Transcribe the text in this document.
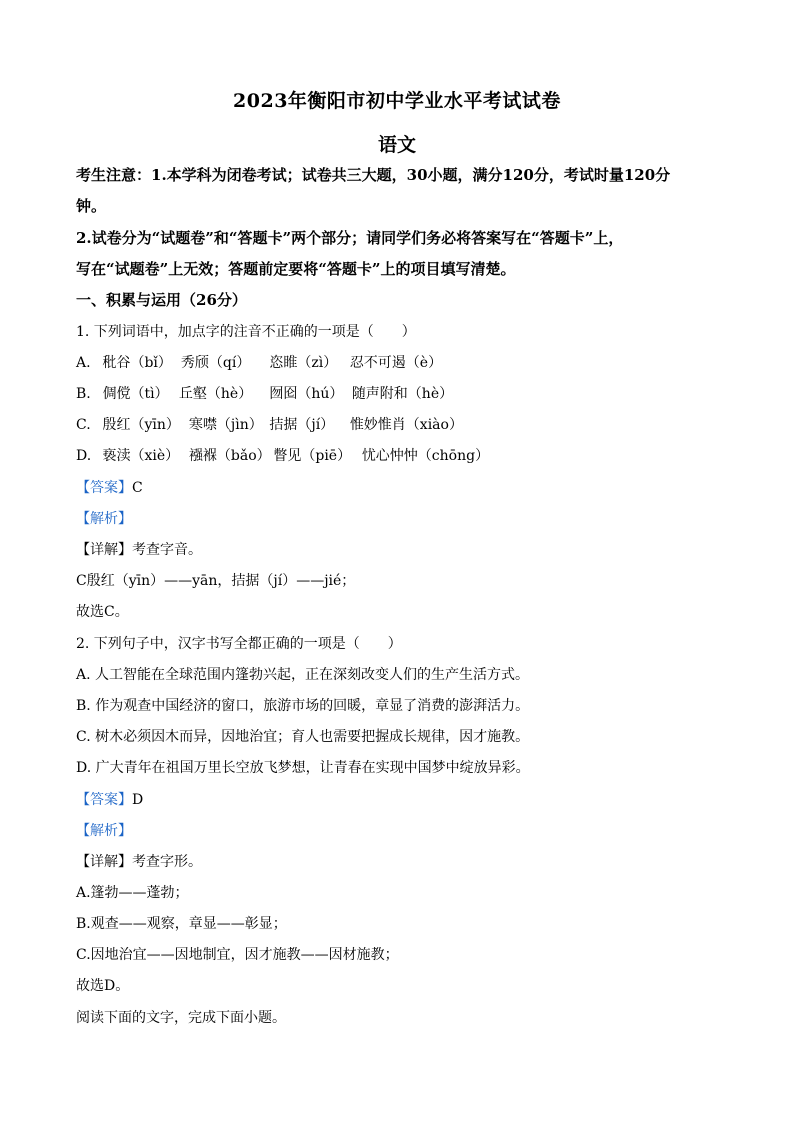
2023年衡阳市初中学业水平考试试卷
语文
考生注意：1.本学科为闭卷考试；试卷共三大题，30小题，满分120分，考试时量120分
钟。
2.试卷分为“试题卷”和“答题卡”两个部分；请同学们务必将答案写在“答题卡”上，
写在“试题卷”上无效；答题前定要将“答题卡”上的项目填写清楚。
一、积累与运用（26分）
1. 下列词语中，加点字的注音不正确的一项是（　　）
A. 秕谷（bǐ） 秀颀（qí） 恣睢（zì） 忍不可遏（è）
B. 倜傥（tì） 丘壑（hè） 囫囵（hú） 随声附和（hè）
C. 殷红（yīn） 寒噤（jìn） 拮据（jí） 惟妙惟肖（xiào）
D. 亵渎（xiè） 襁褓（bǎo） 瞥见（piē） 忧心忡忡（chōng）
【答案】C
【解析】
【详解】考查字音。
C殷红（yīn）——yān，拮据（jí）——jié；
故选C。
2. 下列句子中，汉字书写全都正确的一项是（　　）
A. 人工智能在全球范围内篷勃兴起，正在深刻改变人们的生产生活方式。
B. 作为观查中国经济的窗口，旅游市场的回暖，章显了消费的澎湃活力。
C. 树木必须因木而异，因地治宜；育人也需要把握成长规律，因才施教。
D. 广大青年在祖国万里长空放飞梦想，让青春在实现中国梦中绽放异彩。
【答案】D
【解析】
【详解】考查字形。
A.篷勃——蓬勃；
B.观查——观察，章显——彰显；
C.因地治宜——因地制宜，因才施教——因材施教；
故选D。
阅读下面的文字，完成下面小题。
